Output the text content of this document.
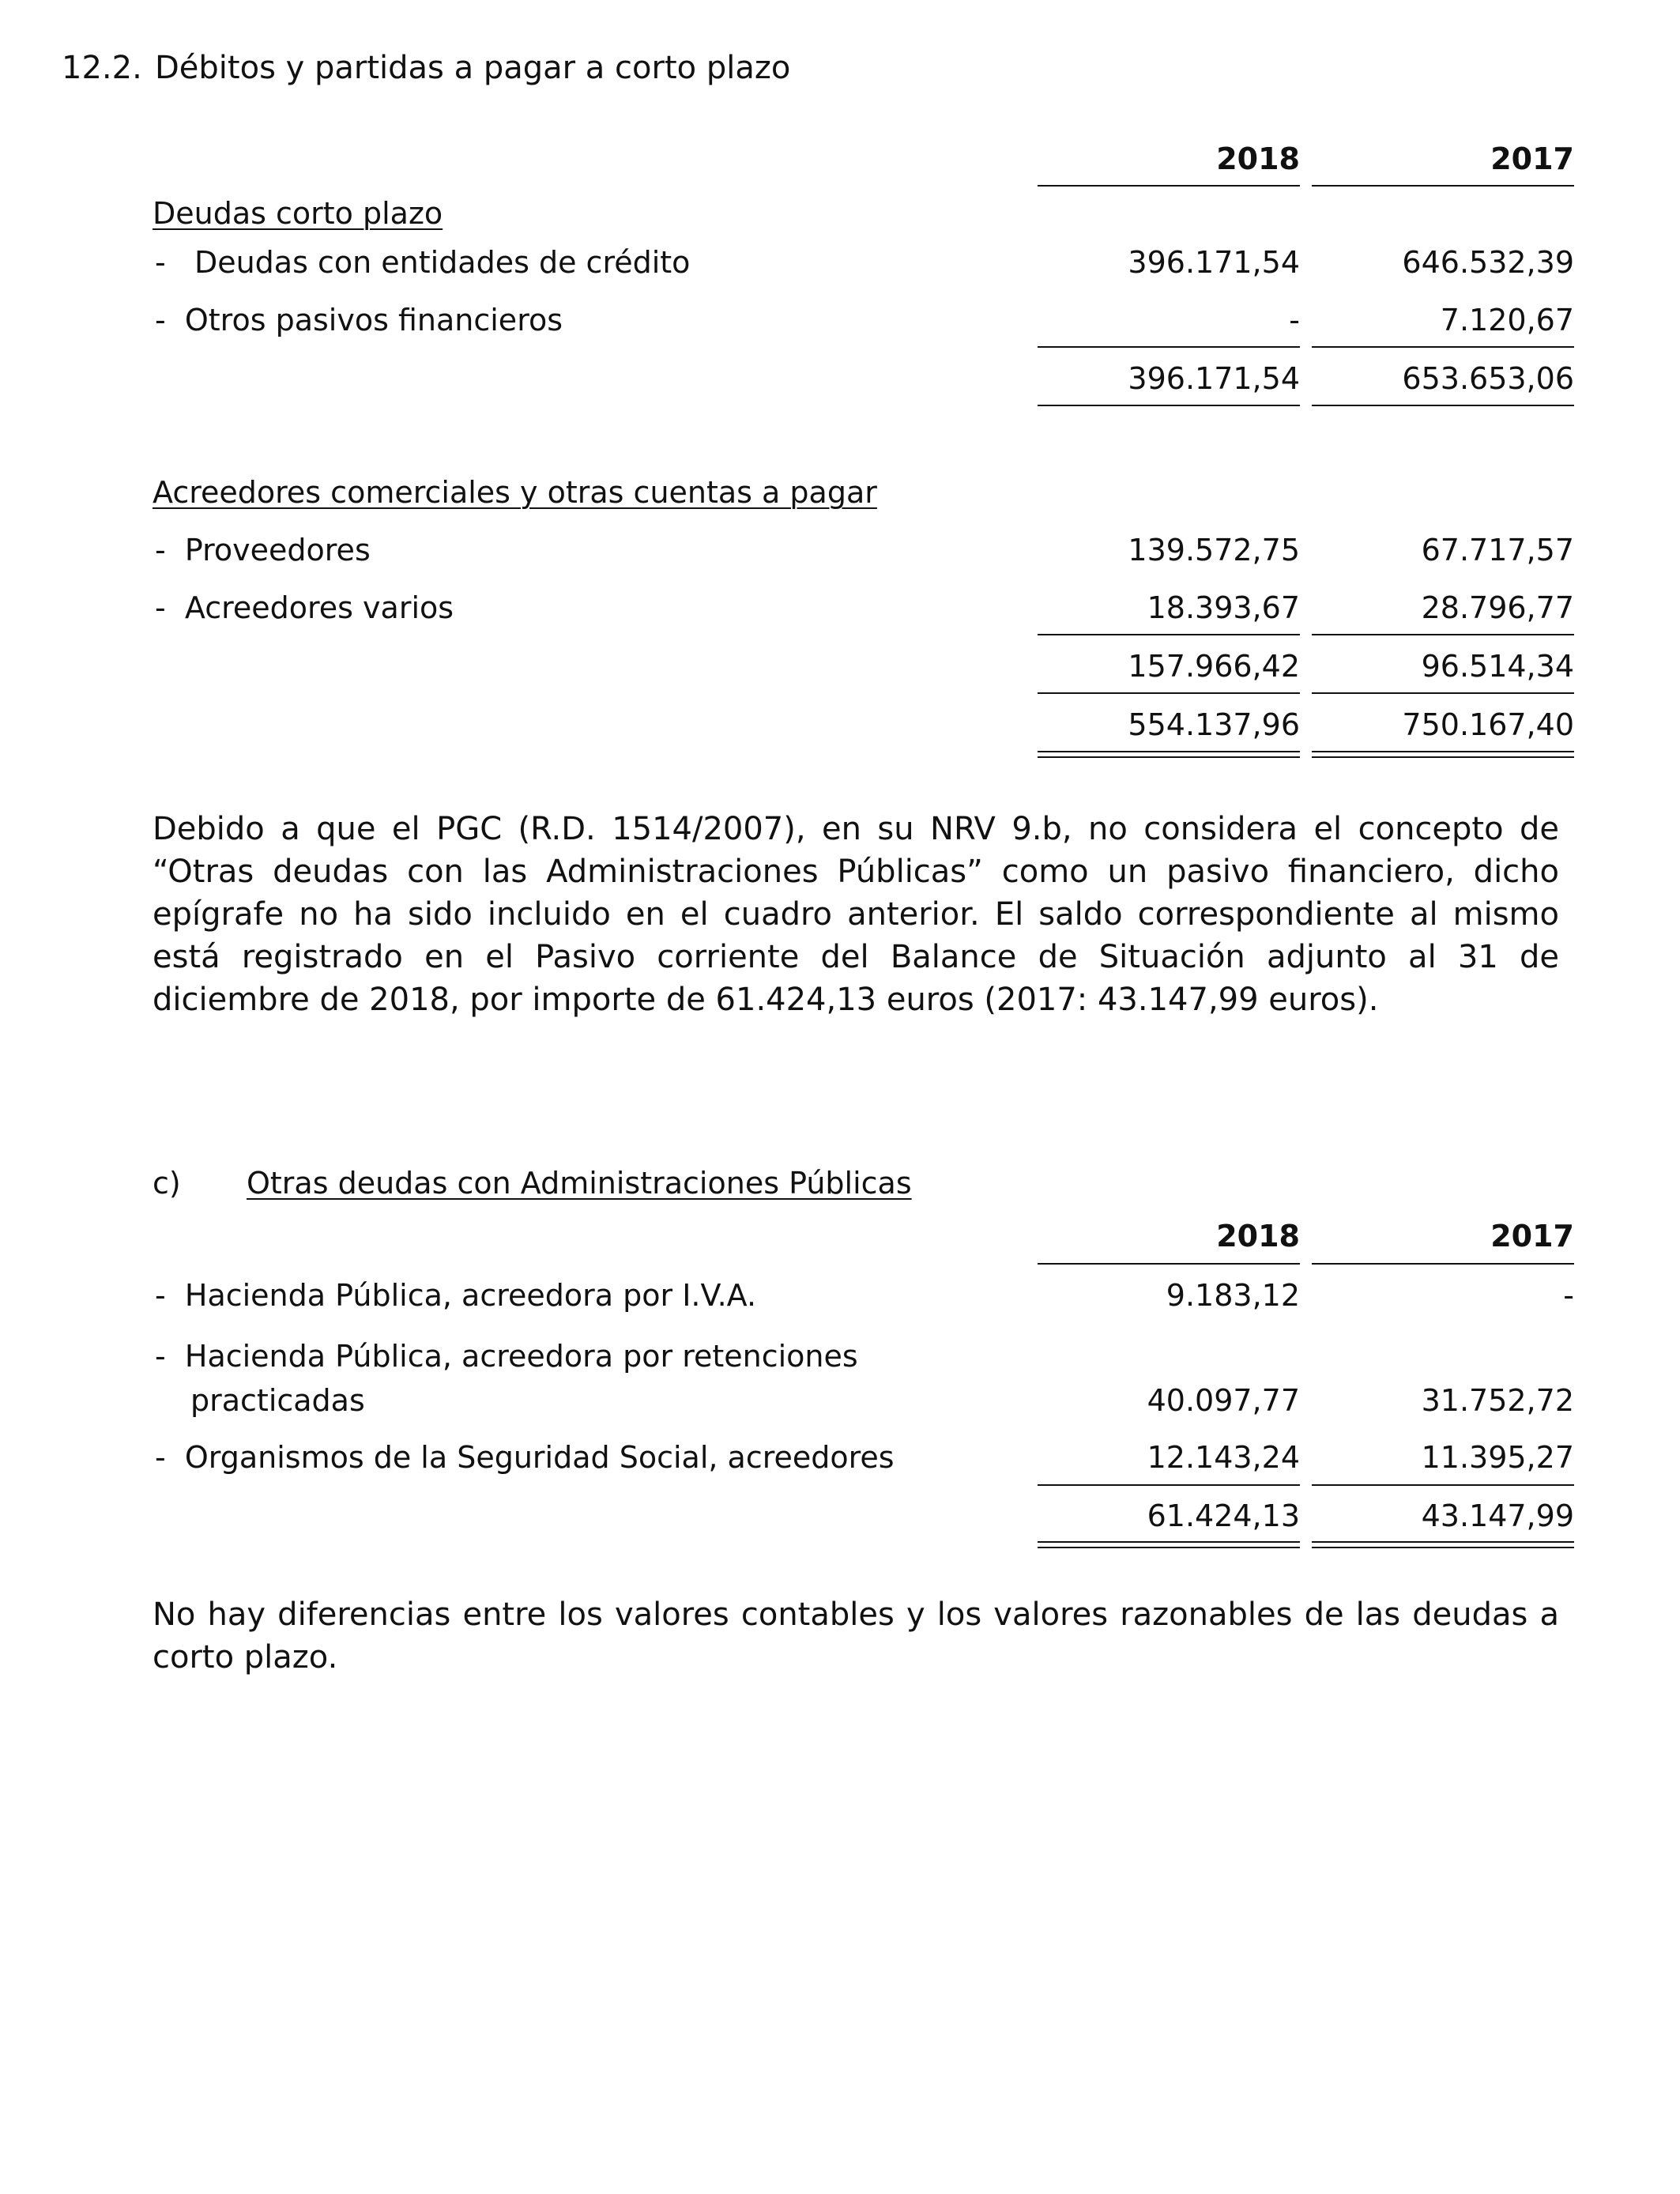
12.2. Débitos y partidas a pagar a corto plazo
2018	2017
Deudas corto plazo
-   Deudas con entidades de crédito	396.171,54	646.532,39
-  Otros pasivos financieros	-	7.120,67
396.171,54	653.653,06
Acreedores comerciales y otras cuentas a pagar
-  Proveedores	139.572,75	67.717,57
-  Acreedores varios	18.393,67	28.796,77
157.966,42	96.514,34
554.137,96	750.167,40
Debido a que el PGC (R.D. 1514/2007), en su NRV 9.b, no considera el concepto de “Otras deudas con las Administraciones Públicas” como un pasivo financiero, dicho epígrafe no ha sido incluido en el cuadro anterior. El saldo correspondiente al mismo está registrado en el Pasivo corriente del Balance de Situación adjunto al 31 de diciembre de 2018, por importe de 61.424,13 euros (2017: 43.147,99 euros).
c) Otras deudas con Administraciones Públicas
2018	2017
-  Hacienda Pública, acreedora por I.V.A.	9.183,12	-
-  Hacienda Pública, acreedora por retenciones
practicadas	40.097,77	31.752,72
-  Organismos de la Seguridad Social, acreedores	12.143,24	11.395,27
61.424,13	43.147,99
No hay diferencias entre los valores contables y los valores razonables de las deudas a corto plazo.
